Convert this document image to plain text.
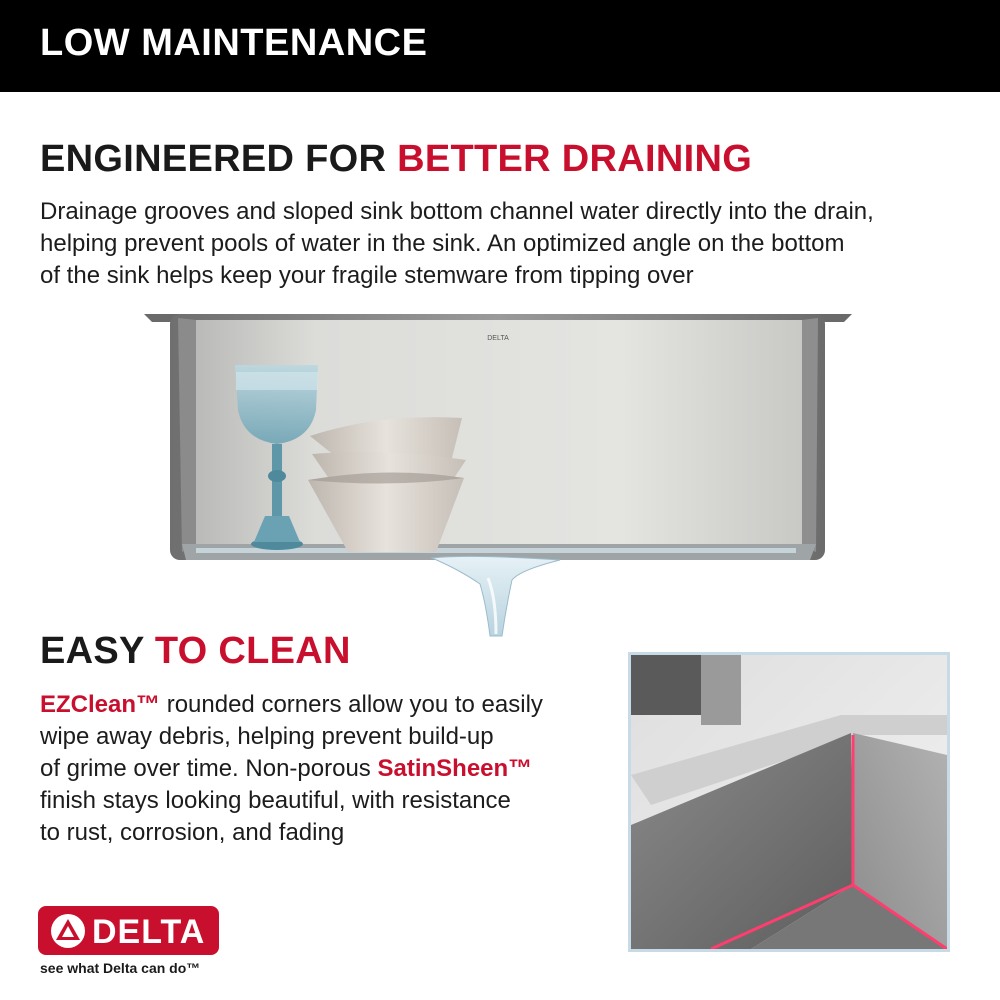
LOW MAINTENANCE
ENGINEERED FOR BETTER DRAINING
Drainage grooves and sloped sink bottom channel water directly into the drain,
helping prevent pools of water in the sink. An optimized angle on the bottom
of the sink helps keep your fragile stemware from tipping over
DELTA
EASY TO CLEAN
EZClean™ rounded corners allow you to easily
wipe away debris, helping prevent build-up
of grime over time. Non-porous SatinSheen™
finish stays looking beautiful, with resistance
to rust, corrosion, and fading
DELTA
see what Delta can do™
